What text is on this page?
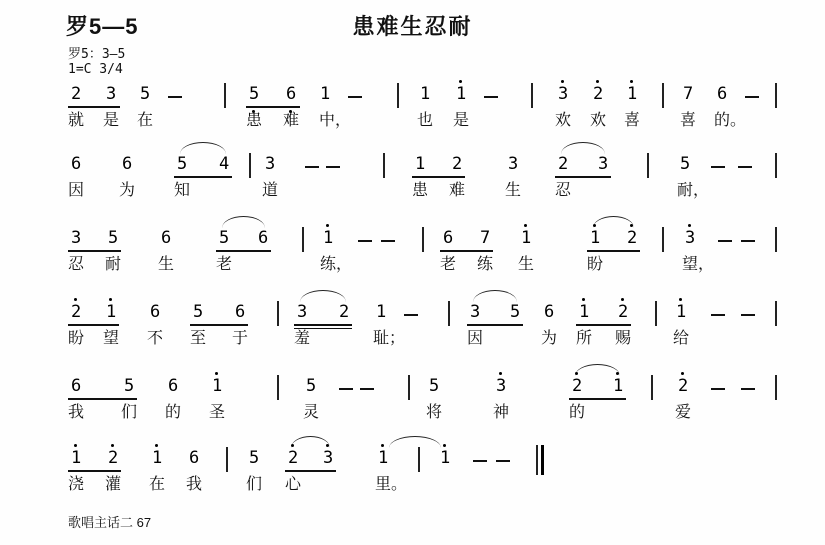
罗5—5	患难生忍耐
罗5：3—5
1=C 3/4
2 3 5	5 6 1	1 1	3 2 1	7 6
就 是 在	患 难 中，	也 是	欢 欢 喜 喜 的。
6 6	5 4 3	1 2	3 2 3	5
因 为 知	道	患 难 生 忍	耐，
3 5	6	5 6	1	6 7 1	1 2	3
忍 耐 生	老	练，	老 练 生	盼	望，
2 1 6 5 6	3 2 1	3 5 6 1 2	1
盼 望 不 至 于	羞	耻；	因	为 所 赐	给
6	5 6 1	5	5	3	2 1	2
我 们 的 圣	灵	将	神	的	爱
1 2 1 6	5 2 3	1	1
浇 灌 在 我	们 心	里。
歌唱主话二 67
